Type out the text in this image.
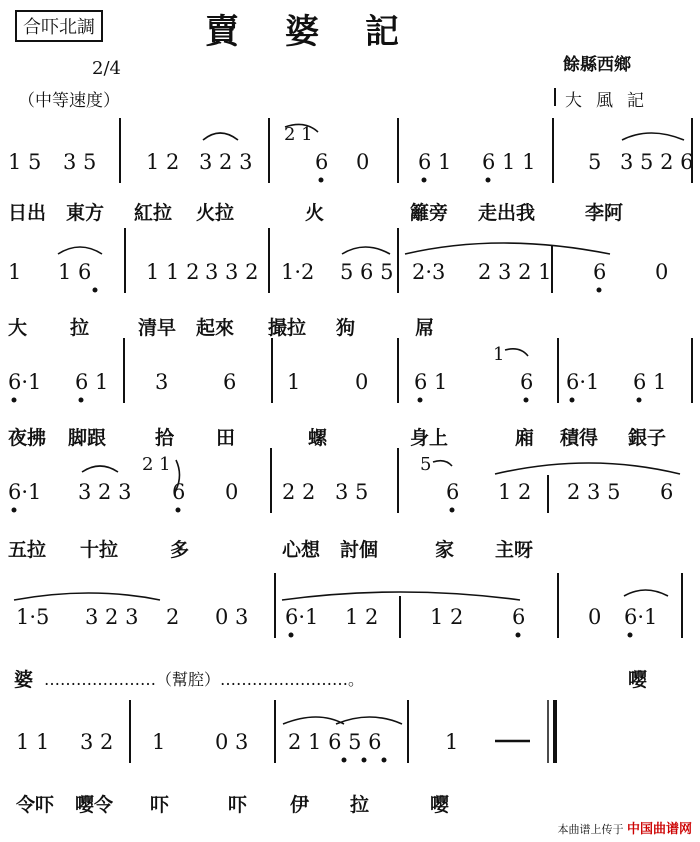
合吓北調	賣婆記
2/4
（中等速度）
餘縣西鄉
大風記
1 5 3 5 1 2 3 2 3
2 1
6 0 6 1 6 1 1	5 3 5 2 6
1 1 6	1 1 2 3 3 2 1·2 5 6 5 2·3 2 3 2 1 6 0
6·1 6 1 3	6 1	0 6 1
1
6 6·1 6 1
6·1 3 2 3
2 1
6 0 2 2 3 5
5
6 1 2 2 3 5 6
1·5 3 2 3 2 0 3 6·1 1 2 1 2 6	0 6·1
1 1 3 2 1 0 3 2 1 6 5 6	1
日出 東方 紅拉 火拉	火	籬旁 走出我	李阿
大 拉	清早 起來 撮拉 狗	屌
夜拂 脚跟	拾 田	螺	身上	廂 積得 銀子
五拉 十拉	多	心想 討個	家 主呀
婆 …………………（幫腔）……………………。	嘤
令吓 嘤令 吓	吓 伊 拉	嘤
本曲谱上传于 中国曲谱网
